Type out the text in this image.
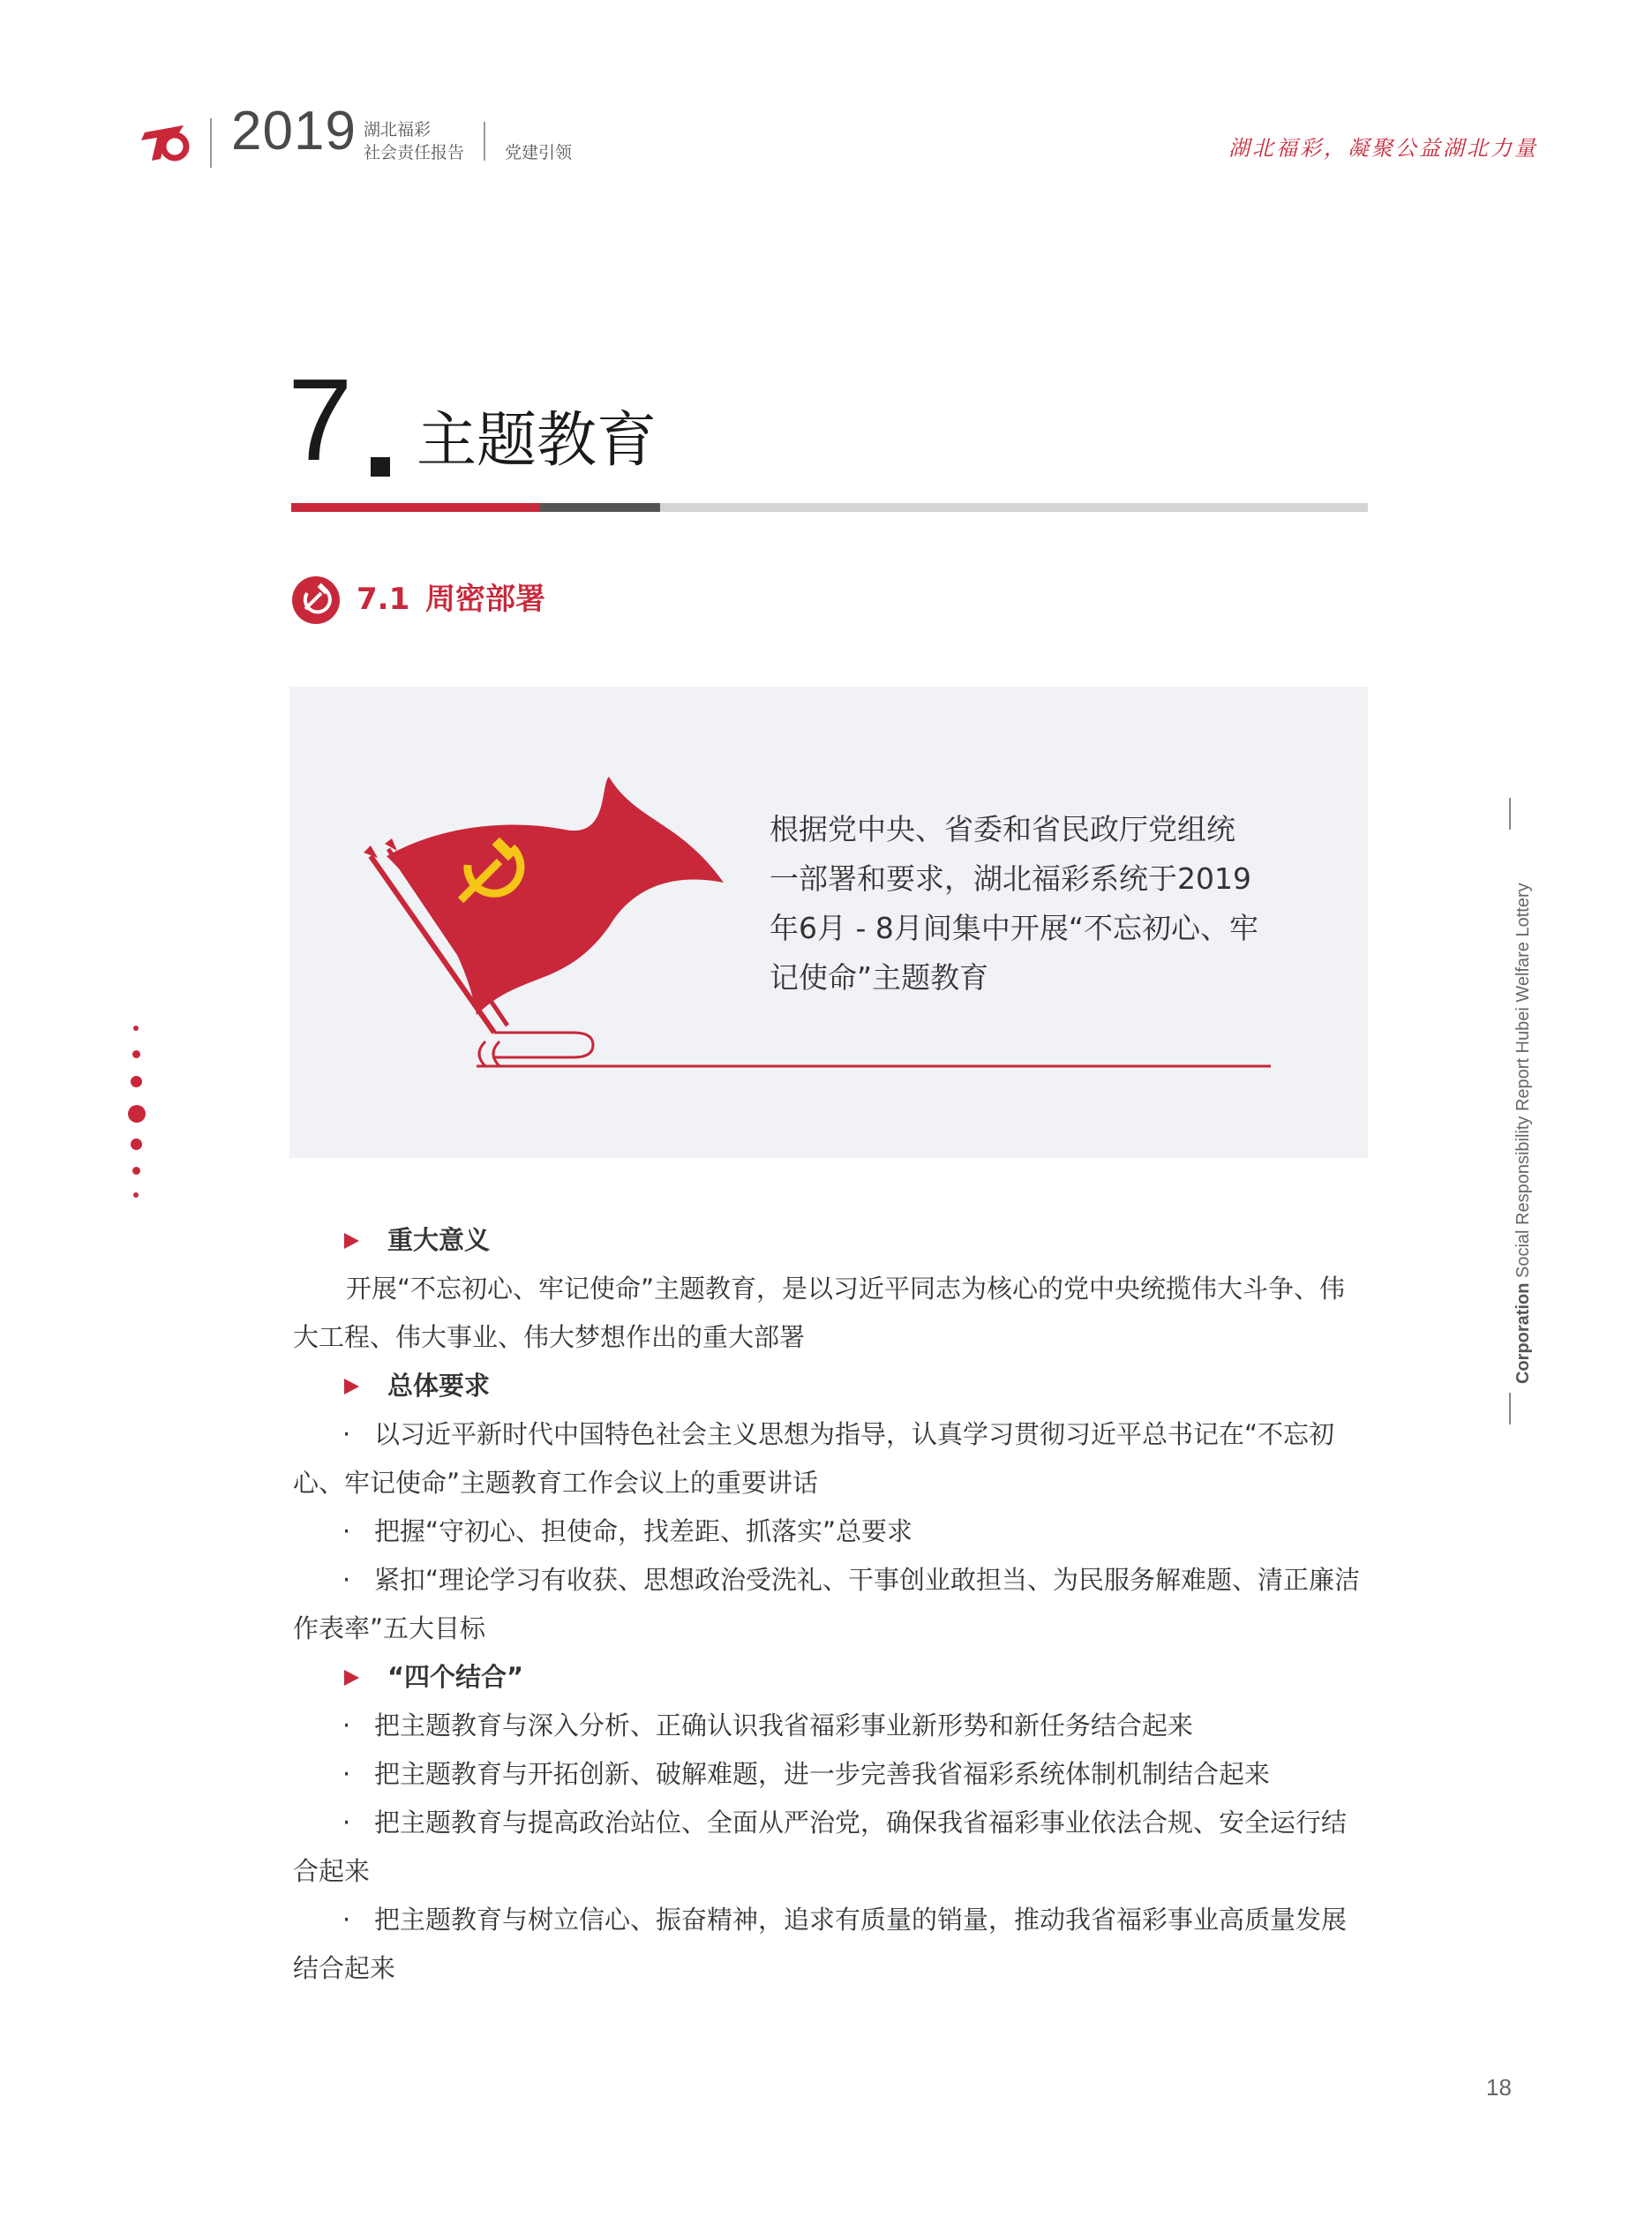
2019 湖北福彩
社会责任报告 党建引领	湖北福彩，凝聚公益湖北力量
7 主题教育
7.1 周密部署
根据党中央、省委和省民政厅党组统一部署和要求，湖北福彩系统于2019年6月 - 8月间集中开展“不忘初心、牢记使命”主题教育
Corporation Social Responsibility Report Hubei Welfare Lottery
重大意义
开展“不忘初心、牢记使命”主题教育，是以习近平同志为核心的党中央统揽伟大斗争、伟大工程、伟大事业、伟大梦想作出的重大部署
总体要求
· 以习近平新时代中国特色社会主义思想为指导，认真学习贯彻习近平总书记在“不忘初心、牢记使命”主题教育工作会议上的重要讲话
· 把握“守初心、担使命，找差距、抓落实”总要求
· 紧扣“理论学习有收获、思想政治受洗礼、干事创业敢担当、为民服务解难题、清正廉洁作表率”五大目标
“四个结合”
· 把主题教育与深入分析、正确认识我省福彩事业新形势和新任务结合起来
· 把主题教育与开拓创新、破解难题，进一步完善我省福彩系统体制机制结合起来
· 把主题教育与提高政治站位、全面从严治党，确保我省福彩事业依法合规、安全运行结合起来
· 把主题教育与树立信心、振奋精神，追求有质量的销量，推动我省福彩事业高质量发展结合起来
18
